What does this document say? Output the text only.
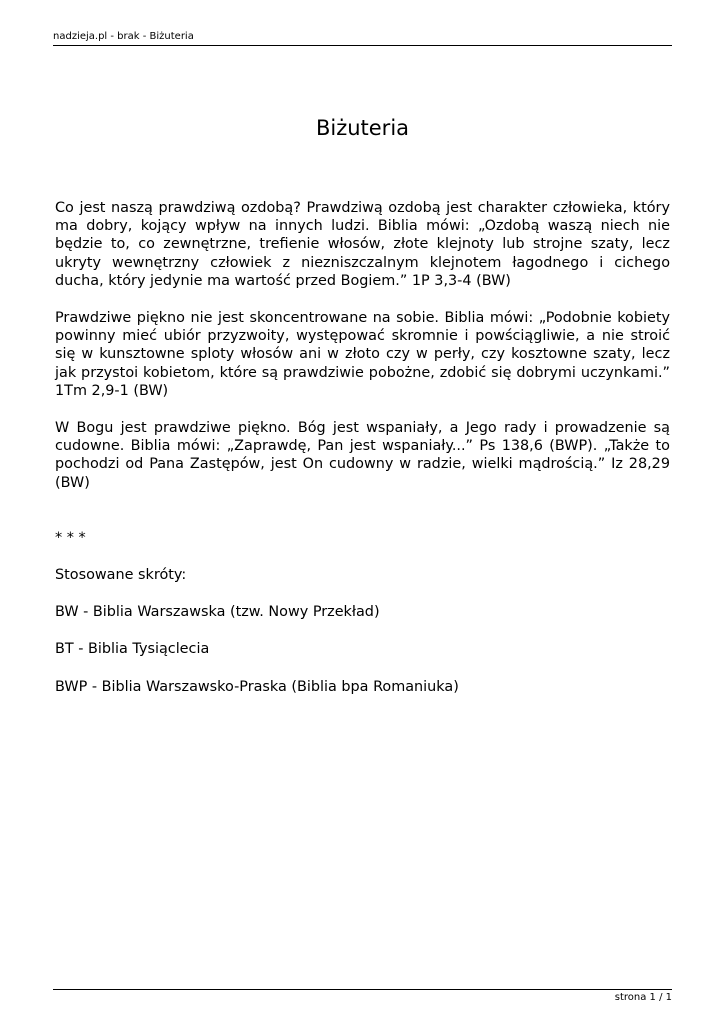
nadzieja.pl - brak - Biżuteria
Biżuteria

Co jest naszą prawdziwą ozdobą? Prawdziwą ozdobą jest charakter człowieka, który ma dobry, kojący wpływ na innych ludzi. Biblia mówi: „Ozdobą waszą niech nie będzie to, co zewnętrzne, trefienie włosów, złote klejnoty lub strojne szaty, lecz ukryty wewnętrzny człowiek z niezniszczalnym klejnotem łagodnego i cichego ducha, który jedynie ma wartość przed Bogiem.” 1P 3,3-4 (BW)

Prawdziwe piękno nie jest skoncentrowane na sobie. Biblia mówi: „Podobnie kobiety powinny mieć ubiór przyzwoity, występować skromnie i powściągliwie, a nie stroić się w kunsztowne sploty włosów ani w złoto czy w perły, czy kosztowne szaty, lecz jak przystoi kobietom, które są prawdziwie pobożne, zdobić się dobrymi uczynkami.” 1Tm 2,9-1 (BW)

W Bogu jest prawdziwe piękno. Bóg jest wspaniały, a Jego rady i prowadzenie są cudowne. Biblia mówi: „Zaprawdę, Pan jest wspaniały...” Ps 138,6 (BWP). „Także to pochodzi od Pana Zastępów, jest On cudowny w radzie, wielki mądrością.” Iz 28,29 (BW)

* * *

Stosowane skróty:

BW - Biblia Warszawska (tzw. Nowy Przekład)

BT - Biblia Tysiąclecia

BWP - Biblia Warszawsko-Praska (Biblia bpa Romaniuka)

strona 1 / 1
